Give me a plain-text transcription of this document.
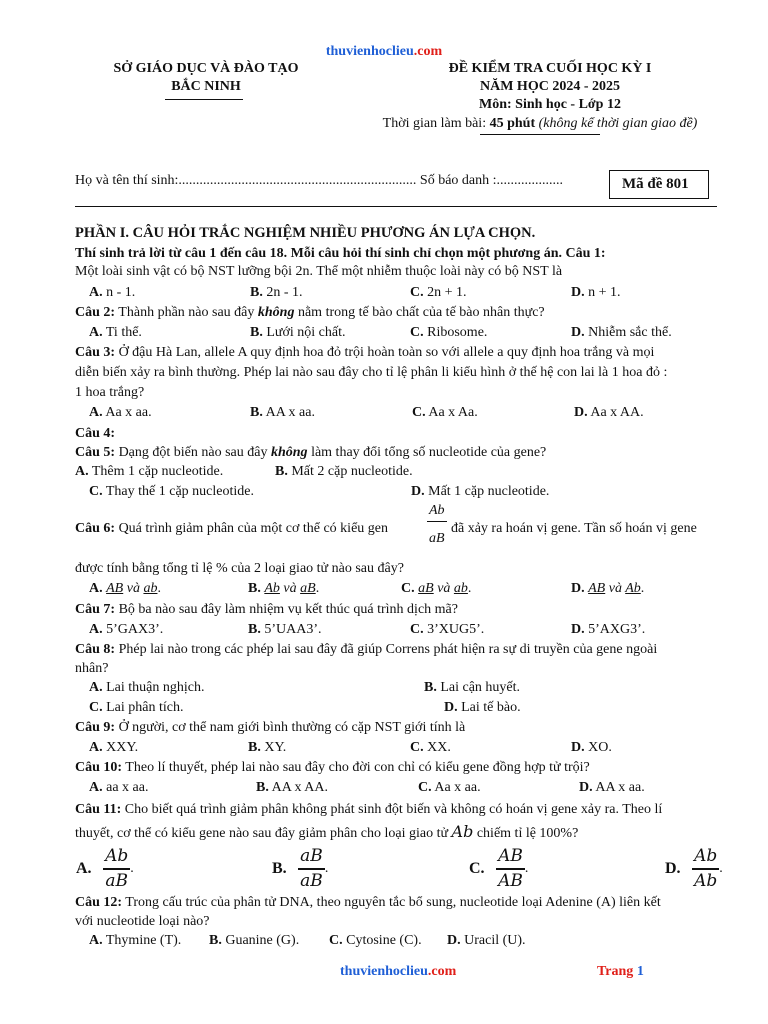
thuvienhoclieu.com
SỞ GIÁO DỤC VÀ ĐÀO TẠO
BẮC NINH
ĐỀ KIỂM TRA CUỐI HỌC KỲ I
NĂM HỌC 2024 - 2025
Môn: Sinh học - Lớp 12
Thời gian làm bài: 45 phút (không kể thời gian giao đề)
Họ và tên thí sinh:.................................................................... Số báo danh :...................	Mã đề 801
PHẦN I. CÂU HỎI TRẮC NGHIỆM NHIỀU PHƯƠNG ÁN LỰA CHỌN.
Thí sinh trả lời từ câu 1 đến câu 18. Mỗi câu hỏi thí sinh chỉ chọn một phương án. Câu 1:
Một loài sinh vật có bộ NST lưỡng bội 2n. Thể một nhiễm thuộc loài này có bộ NST là
A. n - 1.	B. 2n - 1.	C. 2n + 1.	D. n + 1.
Câu 2: Thành phần nào sau đây không nằm trong tế bào chất của tế bào nhân thực?
A. Ti thể.	B. Lưới nội chất.	C. Ribosome.	D. Nhiễm sắc thể.
Câu 3: Ở đậu Hà Lan, allele A quy định hoa đỏ trội hoàn toàn so với allele a quy định hoa trắng và mọi
diễn biến xảy ra bình thường. Phép lai nào sau đây cho tỉ lệ phân li kiểu hình ở thế hệ con lai là 1 hoa đỏ :
1 hoa trắng?
A. Aa x aa.	B. AA x aa.	C. Aa x Aa.	D. Aa x AA.
Câu 4:
Câu 5: Dạng đột biến nào sau đây không làm thay đổi tổng số nucleotide của gene?
A. Thêm 1 cặp nucleotide.	B. Mất 2 cặp nucleotide.
C. Thay thế 1 cặp nucleotide.	D. Mất 1 cặp nucleotide.
Câu 6: Quá trình giảm phân của một cơ thể có kiểu gen	$\frac{Ab}{aB}$ đã xảy ra hoán vị gene. Tần số hoán vị gene
được tính bằng tổng tỉ lệ % của 2 loại giao tử nào sau đây?
A. AB và ab.	B. Ab và aB.	C. aB và ab.	D. AB và Ab.
Câu 7: Bộ ba nào sau đây làm nhiệm vụ kết thúc quá trình dịch mã?
A. 5’GAX3’.	B. 5’UAA3’.	C. 3’XUG5’.	D. 5’AXG3’.
Câu 8: Phép lai nào trong các phép lai sau đây đã giúp Correns phát hiện ra sự di truyền của gene ngoài
nhân?
A. Lai thuận nghịch.	B. Lai cận huyết.
C. Lai phân tích.	D. Lai tế bào.
Câu 9: Ở người, cơ thể nam giới bình thường có cặp NST giới tính là
A. XXY.	B. XY.	C. XX.	D. XO.
Câu 10: Theo lí thuyết, phép lai nào sau đây cho đời con chỉ có kiểu gene đồng hợp tử trội?
A. aa x aa.	B. AA x AA.	C. Aa x aa.	D. AA x aa.
Câu 11: Cho biết quá trình giảm phân không phát sinh đột biến và không có hoán vị gene xảy ra. Theo lí
thuyết, cơ thể có kiểu gene nào sau đây giảm phân cho loại giao tử Ab chiếm tỉ lệ 100%?
A. $\frac{Ab}{aB}$ .	B. $\frac{aB}{aB}$ .	C. $\frac{AB}{AB}$ .	D. $\frac{Ab}{Ab}$ .
Câu 12: Trong cấu trúc của phân tử DNA, theo nguyên tắc bổ sung, nucleotide loại Adenine (A) liên kết
với nucleotide loại nào?
A. Thymine (T). B. Guanine (G). C. Cytosine (C). D. Uracil (U).
thuvienhoclieu.com	Trang 1
